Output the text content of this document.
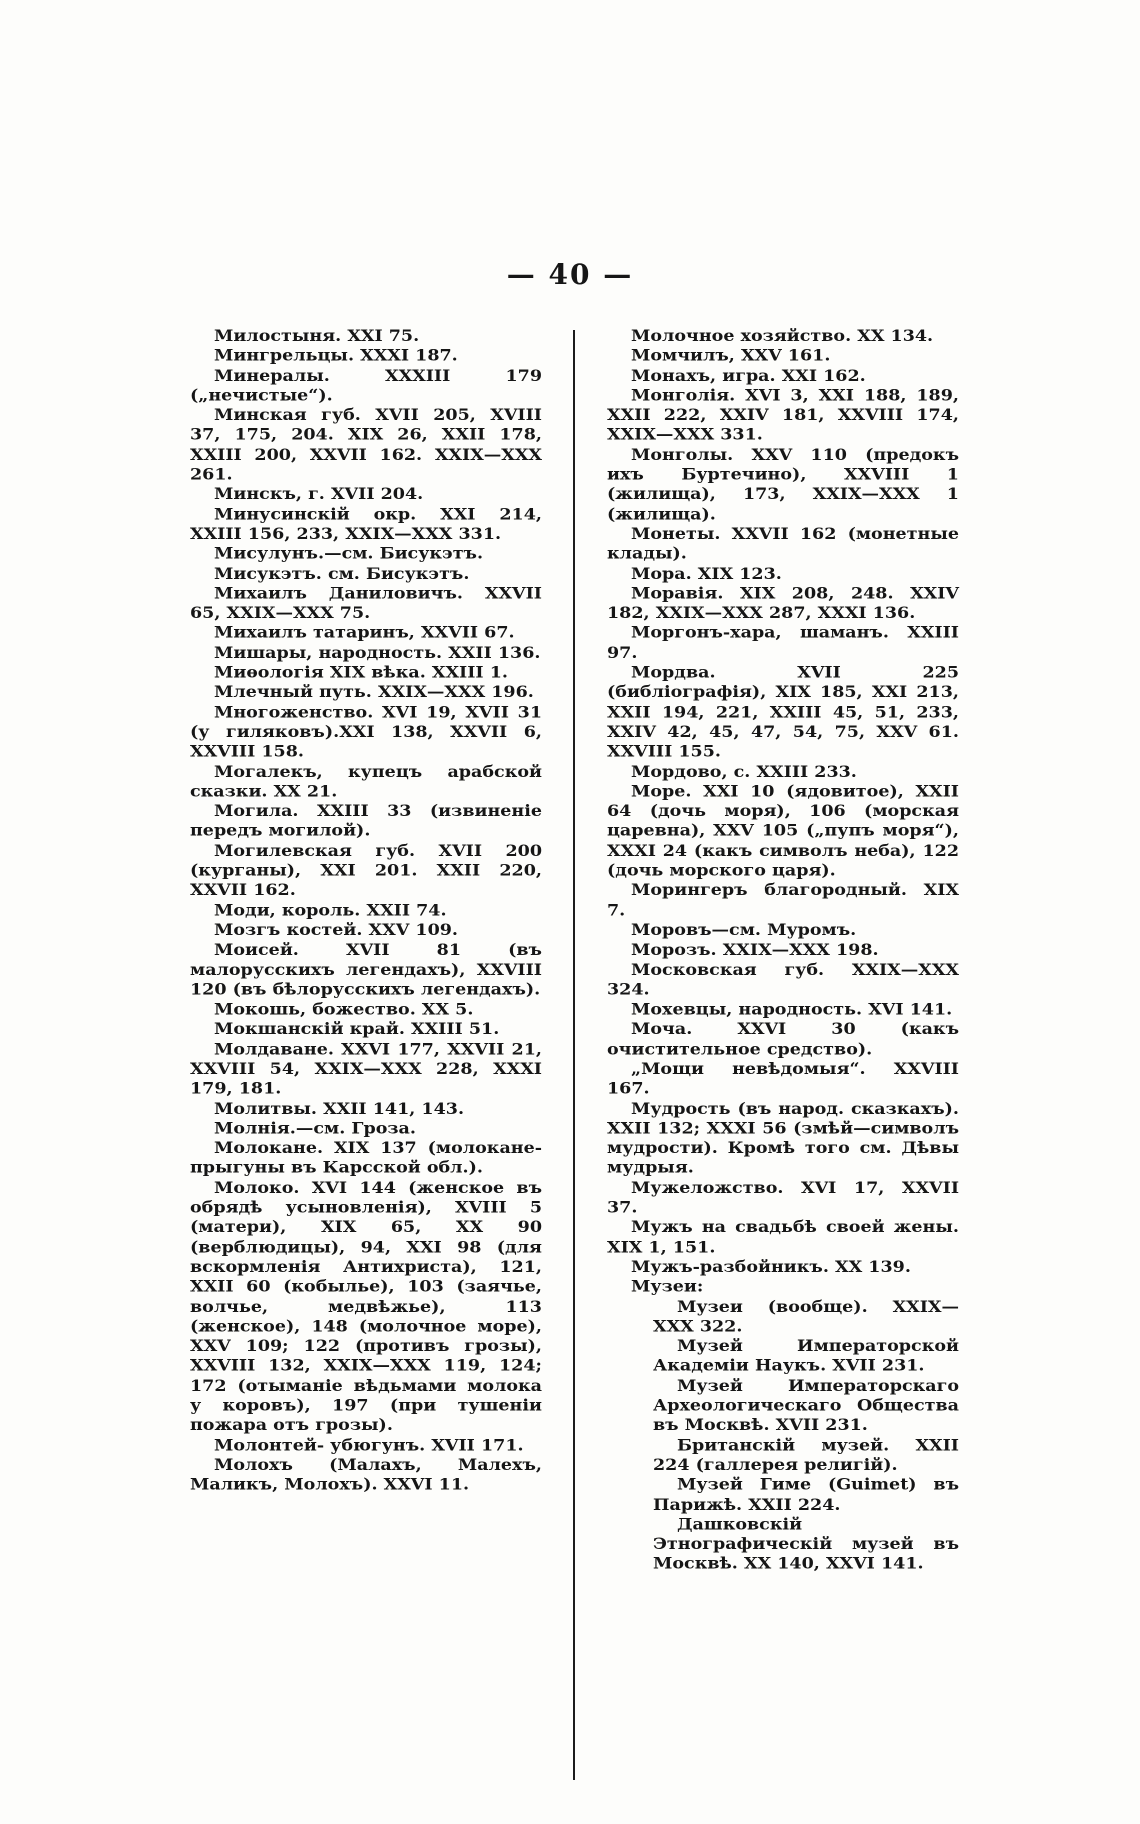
— 40 —

Милостыня. XXI 75.

Мингрельцы. XXXI 187.

Минералы. XXXIII 179 („нечистые“).

Минская губ. XVII 205, XVIII 37, 175, 204. XIX 26, XXII 178, XXIII 200, XXVII 162. XXIX—XXX 261.

Минскъ, г. XVII 204.

Минусинскій окр. XXI 214, XXIII 156, 233, XXIX—XXX 331.

Мисулунъ.—см. Бисукэтъ.

Мисукэтъ. см. Бисукэтъ.

Михаилъ Даниловичъ. XXVII 65, XXIX—XXX 75.

Михаилъ татаринъ, XXVII 67.

Мишары, народность. XXII 136.

Миѳологія XIX вѣка. XXIII 1.

Млечный путь. XXIX—XXX 196.

Многоженство. XVI 19, XVII 31 (у гиляковъ).XXI 138, XXVII 6, XXVIII 158.

Могалекъ, купецъ арабской сказки. XX 21.

Могила. XXIII 33 (извиненіе передъ могилой).

Могилевская губ. XVII 200 (курганы), XXI 201. XXII 220, XXVII 162.

Моди, король. XXII 74.

Мозгъ костей. XXV 109.

Моисей. XVII 81 (въ малорусскихъ легендахъ), XXVIII 120 (въ бѣлорусскихъ легендахъ).

Мокошь, божество. XX 5.

Мокшанскій край. XXIII 51.

Молдаване. XXVI 177, XXVII 21, XXVIII 54, XXIX—XXX 228, XXXI 179, 181.

Молитвы. XXII 141, 143.

Молнія.—см. Гроза.

Молокане. XIX 137 (молокане-прыгуны въ Карсской обл.).

Молоко. XVI 144 (женское въ обрядѣ усыновленія), XVIII 5 (матери), XIX 65, XX 90 (верблюдицы), 94, XXI 98 (для вскормленія Антихриста), 121, XXII 60 (кобылье), 103 (заячье, волчье, медвѣжье), 113 (женское), 148 (молочное море), XXV 109; 122 (противъ грозы), XXVIII 132, XXIX—XXX 119, 124; 172 (отыманіе вѣдьмами молока у коровъ), 197 (при тушеніи пожара отъ грозы).

Молонтей- убюгунъ. XVII 171.

Молохъ (Малахъ, Малехъ, Маликъ, Молохъ). XXVI 11.

Молочное хозяйство. XX 134.

Момчилъ, XXV 161.

Монахъ, игра. XXI 162.

Монголія. XVI 3, XXI 188, 189, XXII 222, XXIV 181, XXVIII 174, XXIX—XXX 331.

Монголы. XXV 110 (предокъ ихъ Буртечино), XXVIII 1 (жилища), 173, XXIX—XXX 1 (жилища).

Монеты. XXVII 162 (монетные клады).

Мора. XIX 123.

Моравія. XIX 208, 248. XXIV 182, XXIX—XXX 287, XXXI 136.

Моргонъ-хара, шаманъ. XXIII 97.

Мордва. XVII 225 (библіографія), XIX 185, XXI 213, XXII 194, 221, XXIII 45, 51, 233, XXIV 42, 45, 47, 54, 75, XXV 61. XXVIII 155.

Мордово, с. XXIII 233.

Море. XXI 10 (ядовитое), XXII 64 (дочь моря), 106 (морская царевна), XXV 105 („пупъ моря“), XXXI 24 (какъ символъ неба), 122 (дочь морского царя).

Морингеръ благородный. XIX 7.

Моровъ—см. Муромъ.

Морозъ. XXIX—XXX 198.

Московская губ. XXIX—XXX 324.

Мохевцы, народность. XVI 141.

Моча. XXVI 30 (какъ очистительное средство).

„Мощи невѣдомыя“. XXVIII 167.

Мудрость (въ народ. сказкахъ). XXII 132; XXXI 56 (змѣй—символъ мудрости). Кромѣ того см. Дѣвы мудрыя.

Мужеложство. XVI 17, XXVII 37.

Мужъ на свадьбѣ своей жены. XIX 1, 151.

Мужъ-разбойникъ. XX 139.

Музеи:

Музеи (вообще). XXIX—XXX 322.

Музей Императорской Академіи Наукъ. XVII 231.

Музей Императорскаго Археологическаго Общества въ Москвѣ. XVII 231.

Британскій музей. XXII 224 (галлерея религій).

Музей Гиме (Guimet) въ Парижѣ. XXII 224.

Дашковскій Этнографическій музей въ Москвѣ. XX 140, XXVI 141.
